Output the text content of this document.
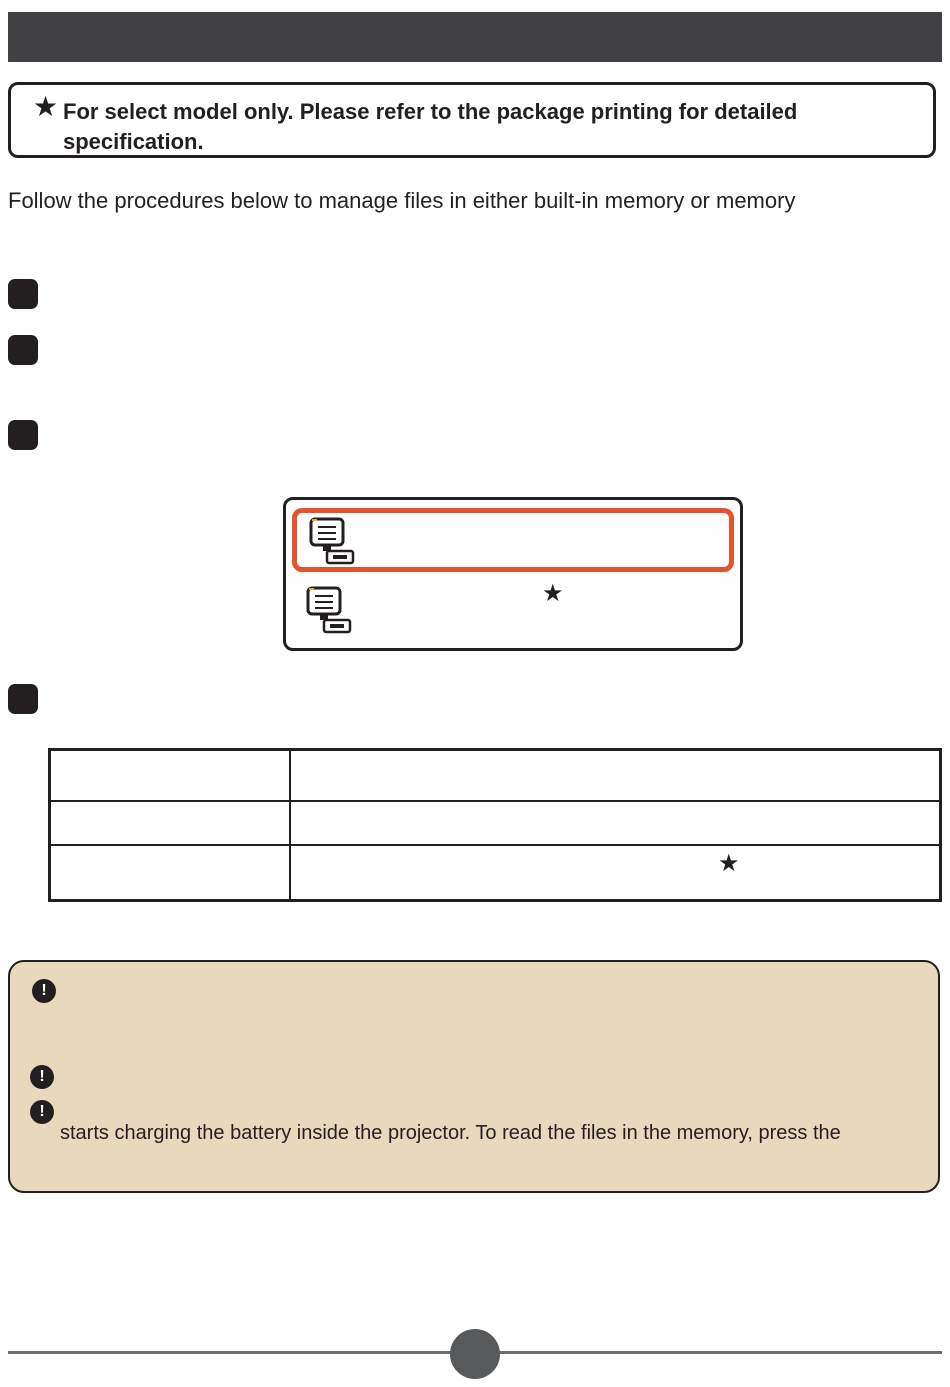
★ For select model only. Please refer to the package printing for detailed
specification.
Follow the procedures below to manage files in either built-in memory or memory
★

★
!
!
!
starts charging the battery inside the projector. To read the files in the memory, press the
